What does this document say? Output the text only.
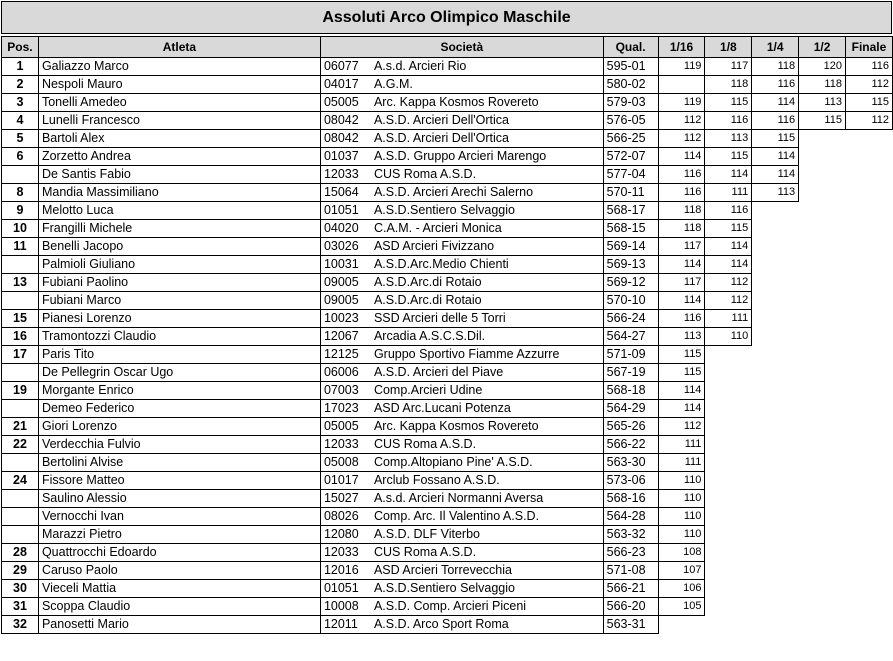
Assoluti Arco Olimpico Maschile
Pos.	Atleta	Società	Qual.	1/16	1/8	1/4	1/2	Finale
1	Galiazzo Marco	06077 A.s.d. Arcieri Rio	595-01	119	117	118	120	116
2	Nespoli Mauro	04017 A.G.M.	580-02		118	116	118	112
3	Tonelli Amedeo	05005 Arc. Kappa Kosmos Rovereto	579-03	119	115	114	113	115
4	Lunelli Francesco	08042 A.S.D. Arcieri Dell'Ortica	576-05	112	116	116	115	112
5	Bartoli Alex	08042 A.S.D. Arcieri Dell'Ortica	566-25	112	113	115		
6	Zorzetto Andrea	01037 A.S.D. Gruppo Arcieri Marengo	572-07	114	115	114		
	De Santis Fabio	12033 CUS Roma A.S.D.	577-04	116	114	114		
8	Mandia Massimiliano	15064 A.S.D. Arcieri Arechi Salerno	570-11	116	111	113		
9	Melotto Luca	01051 A.S.D.Sentiero Selvaggio	568-17	118	116			
10	Frangilli Michele	04020 C.A.M. - Arcieri Monica	568-15	118	115			
11	Benelli Jacopo	03026 ASD Arcieri Fivizzano	569-14	117	114			
	Palmioli Giuliano	10031 A.S.D.Arc.Medio Chienti	569-13	114	114			
13	Fubiani Paolino	09005 A.S.D.Arc.di Rotaio	569-12	117	112			
	Fubiani Marco	09005 A.S.D.Arc.di Rotaio	570-10	114	112			
15	Pianesi Lorenzo	10023 SSD Arcieri delle 5 Torri	566-24	116	111			
16	Tramontozzi Claudio	12067 Arcadia A.S.C.S.Dil.	564-27	113	110			
17	Paris Tito	12125 Gruppo Sportivo Fiamme Azzurre	571-09	115				
	De Pellegrin Oscar Ugo	06006 A.S.D. Arcieri del Piave	567-19	115				
19	Morgante Enrico	07003 Comp.Arcieri Udine	568-18	114				
	Demeo Federico	17023 ASD Arc.Lucani Potenza	564-29	114				
21	Giori Lorenzo	05005 Arc. Kappa Kosmos Rovereto	565-26	112				
22	Verdecchia Fulvio	12033 CUS Roma A.S.D.	566-22	111				
	Bertolini Alvise	05008 Comp.Altopiano Pine' A.S.D.	563-30	111				
24	Fissore Matteo	01017 Arclub Fossano A.S.D.	573-06	110				
	Saulino Alessio	15027 A.s.d. Arcieri Normanni Aversa	568-16	110				
	Vernocchi Ivan	08026 Comp. Arc. Il Valentino A.S.D.	564-28	110				
	Marazzi Pietro	12080 A.S.D. DLF Viterbo	563-32	110				
28	Quattrocchi Edoardo	12033 CUS Roma A.S.D.	566-23	108				
29	Caruso Paolo	12016 ASD Arcieri Torrevecchia	571-08	107				
30	Vieceli Mattia	01051 A.S.D.Sentiero Selvaggio	566-21	106				
31	Scoppa Claudio	10008 A.S.D. Comp. Arcieri Piceni	566-20	105				
32	Panosetti Mario	12011 A.S.D. Arco Sport Roma	563-31					
